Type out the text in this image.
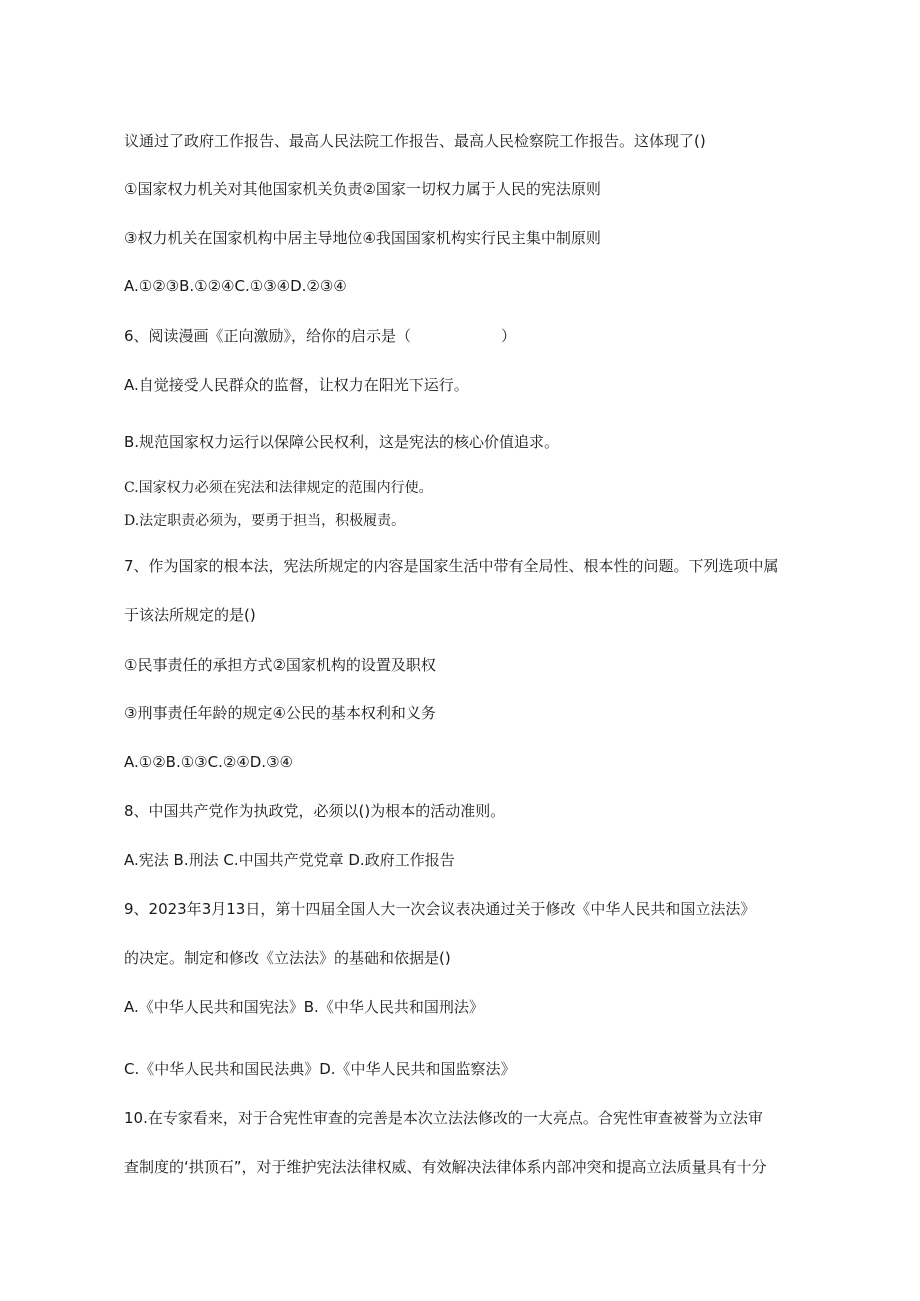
议通过了政府工作报告、最高人民法院工作报告、最高人民检察院工作报告。这体现了()

①国家权力机关对其他国家机关负责②国家一切权力属于人民的宪法原则

③权力机关在国家机构中居主导地位④我国国家机构实行民主集中制原则

A.①②③B.①②④C.①③④D.②③④

6、阅读漫画《正向激励》，给你的启示是（　　　　　　）

A.自觉接受人民群众的监督，让权力在阳光下运行。

B.规范国家权力运行以保障公民权利，这是宪法的核心价值追求。

C.国家权力必须在宪法和法律规定的范围内行使。

D.法定职责必须为，要勇于担当，积极履责。

7、作为国家的根本法，宪法所规定的内容是国家生活中带有全局性、根本性的问题。下列选项中属

于该法所规定的是()

①民事责任的承担方式②国家机构的设置及职权

③刑事责任年龄的规定④公民的基本权利和义务

A.①②B.①③C.②④D.③④

8、中国共产党作为执政党，必须以()为根本的活动准则。

A.宪法 B.刑法 C.中国共产党党章 D.政府工作报告

9、2023年3月13日，第十四届全国人大一次会议表决通过关于修改《中华人民共和国立法法》

的决定。制定和修改《立法法》的基础和依据是()

A.《中华人民共和国宪法》B.《中华人民共和国刑法》

C.《中华人民共和国民法典》D.《中华人民共和国监察法》

10.在专家看来，对于合宪性审查的完善是本次立法法修改的一大亮点。合宪性审查被誉为立法审

查制度的‘拱顶石”，对于维护宪法法律权威、有效解决法律体系内部冲突和提高立法质量具有十分
